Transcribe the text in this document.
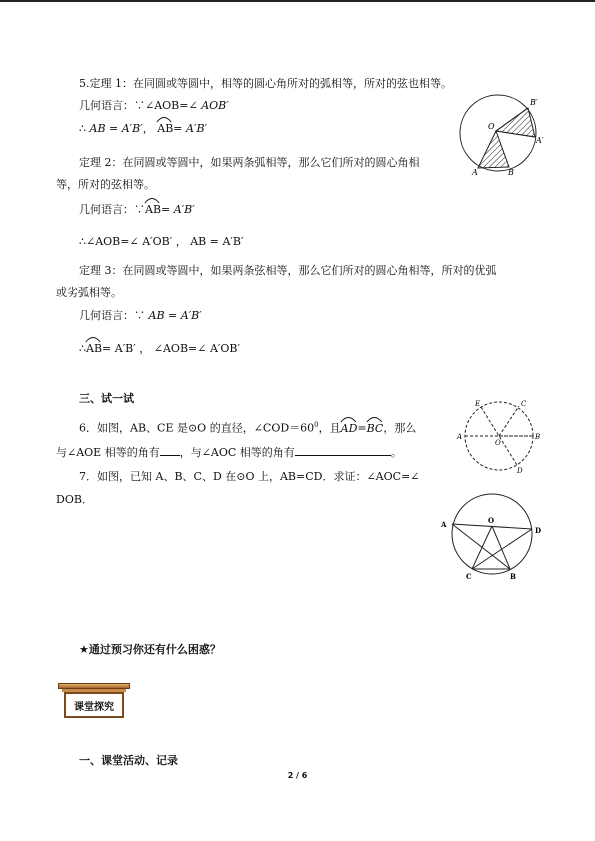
5.定理 1：在同圆或等圆中，相等的圆心角所对的弧相等，所对的弦也相等。
几何语言：∵∠AOB=∠ AOB′
∴ AB = A′B′， AB= A′B′
B′
O
A′
A	B
定理 2：在同圆或等圆中，如果两条弧相等，那么它们所对的圆心角相
等，所对的弦相等。
几何语言：∵
AB= A′B′
∴∠AOB=∠ A′OB′ ， AB = A′B′
定理 3：在同圆或等圆中，如果两条弦相等，那么它们所对的圆心角相等，所对的优弧
或劣弧相等。
几何语言：∵ AB = A′B′
∴
AB= A′B′ ， ∠AOB=∠ A′OB′
三、试一试
6．如图，AB、CE 是⊙O 的直径，$\angle COD=60^0$，且
AD=
BC，那么
与∠AOE 相等的角有 ，与∠AOC 相等的角有	。
E	C
A
O
B
D
7．如图，已知 A、B、C、D 在⊙O 上，AB=CD．求证：∠AOC=∠
DOB．
A	O
D
C	B
★通过预习你还有什么困惑？
课堂探究
一、课堂活动、记录
2 / 6
